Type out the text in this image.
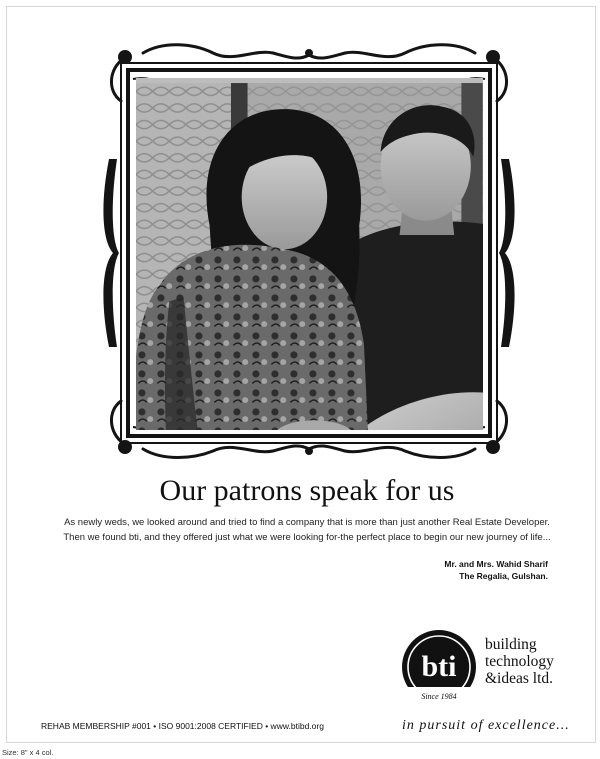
Our patrons speak for us
As newly weds, we looked around and tried to find a company that is more than just another Real Estate Developer.
Then we found bti, and they offered just what we were looking for-the perfect place to begin our new journey of life...
Mr. and Mrs. Wahid Sharif
The Regalia, Gulshan.
bti
Since 1984
building
technology
&ideas ltd.
in pursuit of excellence...
REHAB MEMBERSHIP #001 • ISO 9001:2008 CERTIFIED • www.btibd.org
Size: 8" x 4 col.
